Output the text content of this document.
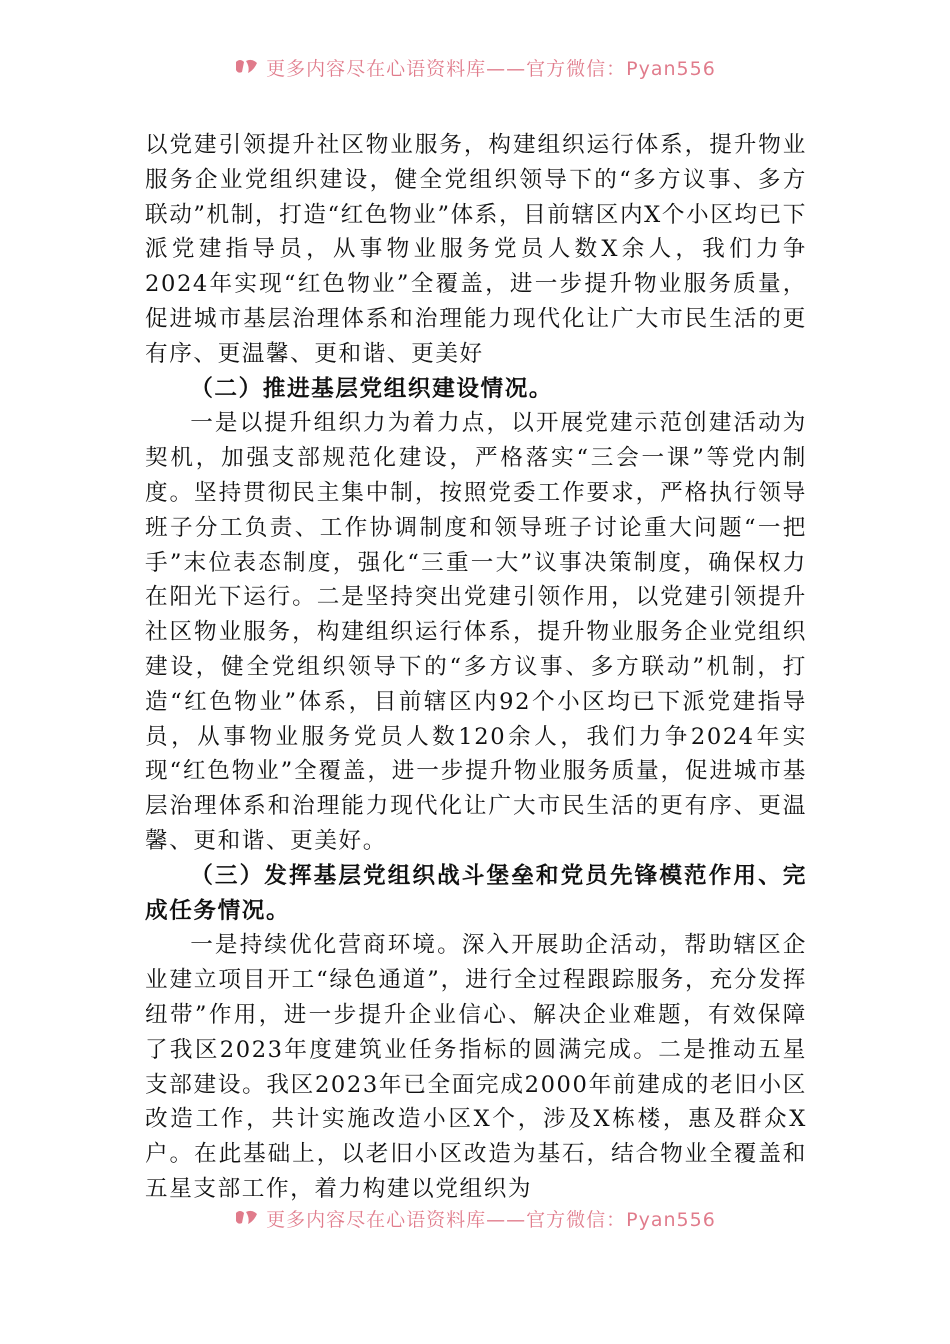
更多内容尽在心语资料库——官方微信：Pyan556

以党建引领提升社区物业服务，构建组织运行体系，提升物业服务企业党组织建设，健全党组织领导下的“多方议事、多方联动”机制，打造“红色物业”体系，目前辖区内X个小区均已下派党建指导员，从事物业服务党员人数X余人，我们力争2024年实现“红色物业”全覆盖，进一步提升物业服务质量，促进城市基层治理体系和治理能力现代化让广大市民生活的更有序、更温馨、更和谐、更美好

（二）推进基层党组织建设情况。

一是以提升组织力为着力点，以开展党建示范创建活动为契机，加强支部规范化建设，严格落实“三会一课”等党内制度。坚持贯彻民主集中制，按照党委工作要求，严格执行领导班子分工负责、工作协调制度和领导班子讨论重大问题“一把手”末位表态制度，强化“三重一大”议事决策制度，确保权力在阳光下运行。二是坚持突出党建引领作用，以党建引领提升社区物业服务，构建组织运行体系，提升物业服务企业党组织建设，健全党组织领导下的“多方议事、多方联动”机制，打造“红色物业”体系，目前辖区内92个小区均已下派党建指导员，从事物业服务党员人数120余人，我们力争2024年实现“红色物业”全覆盖，进一步提升物业服务质量，促进城市基层治理体系和治理能力现代化让广大市民生活的更有序、更温馨、更和谐、更美好。

（三）发挥基层党组织战斗堡垒和党员先锋模范作用、完成任务情况。

一是持续优化营商环境。深入开展助企活动，帮助辖区企业建立项目开工“绿色通道”，进行全过程跟踪服务，充分发挥纽带”作用，进一步提升企业信心、解决企业难题，有效保障了我区2023年度建筑业任务指标的圆满完成。二是推动五星支部建设。我区2023年已全面完成2000年前建成的老旧小区改造工作，共计实施改造小区X个，涉及X栋楼，惠及群众X户。在此基础上，以老旧小区改造为基石，结合物业全覆盖和五星支部工作，着力构建以党组织为

更多内容尽在心语资料库——官方微信：Pyan556
